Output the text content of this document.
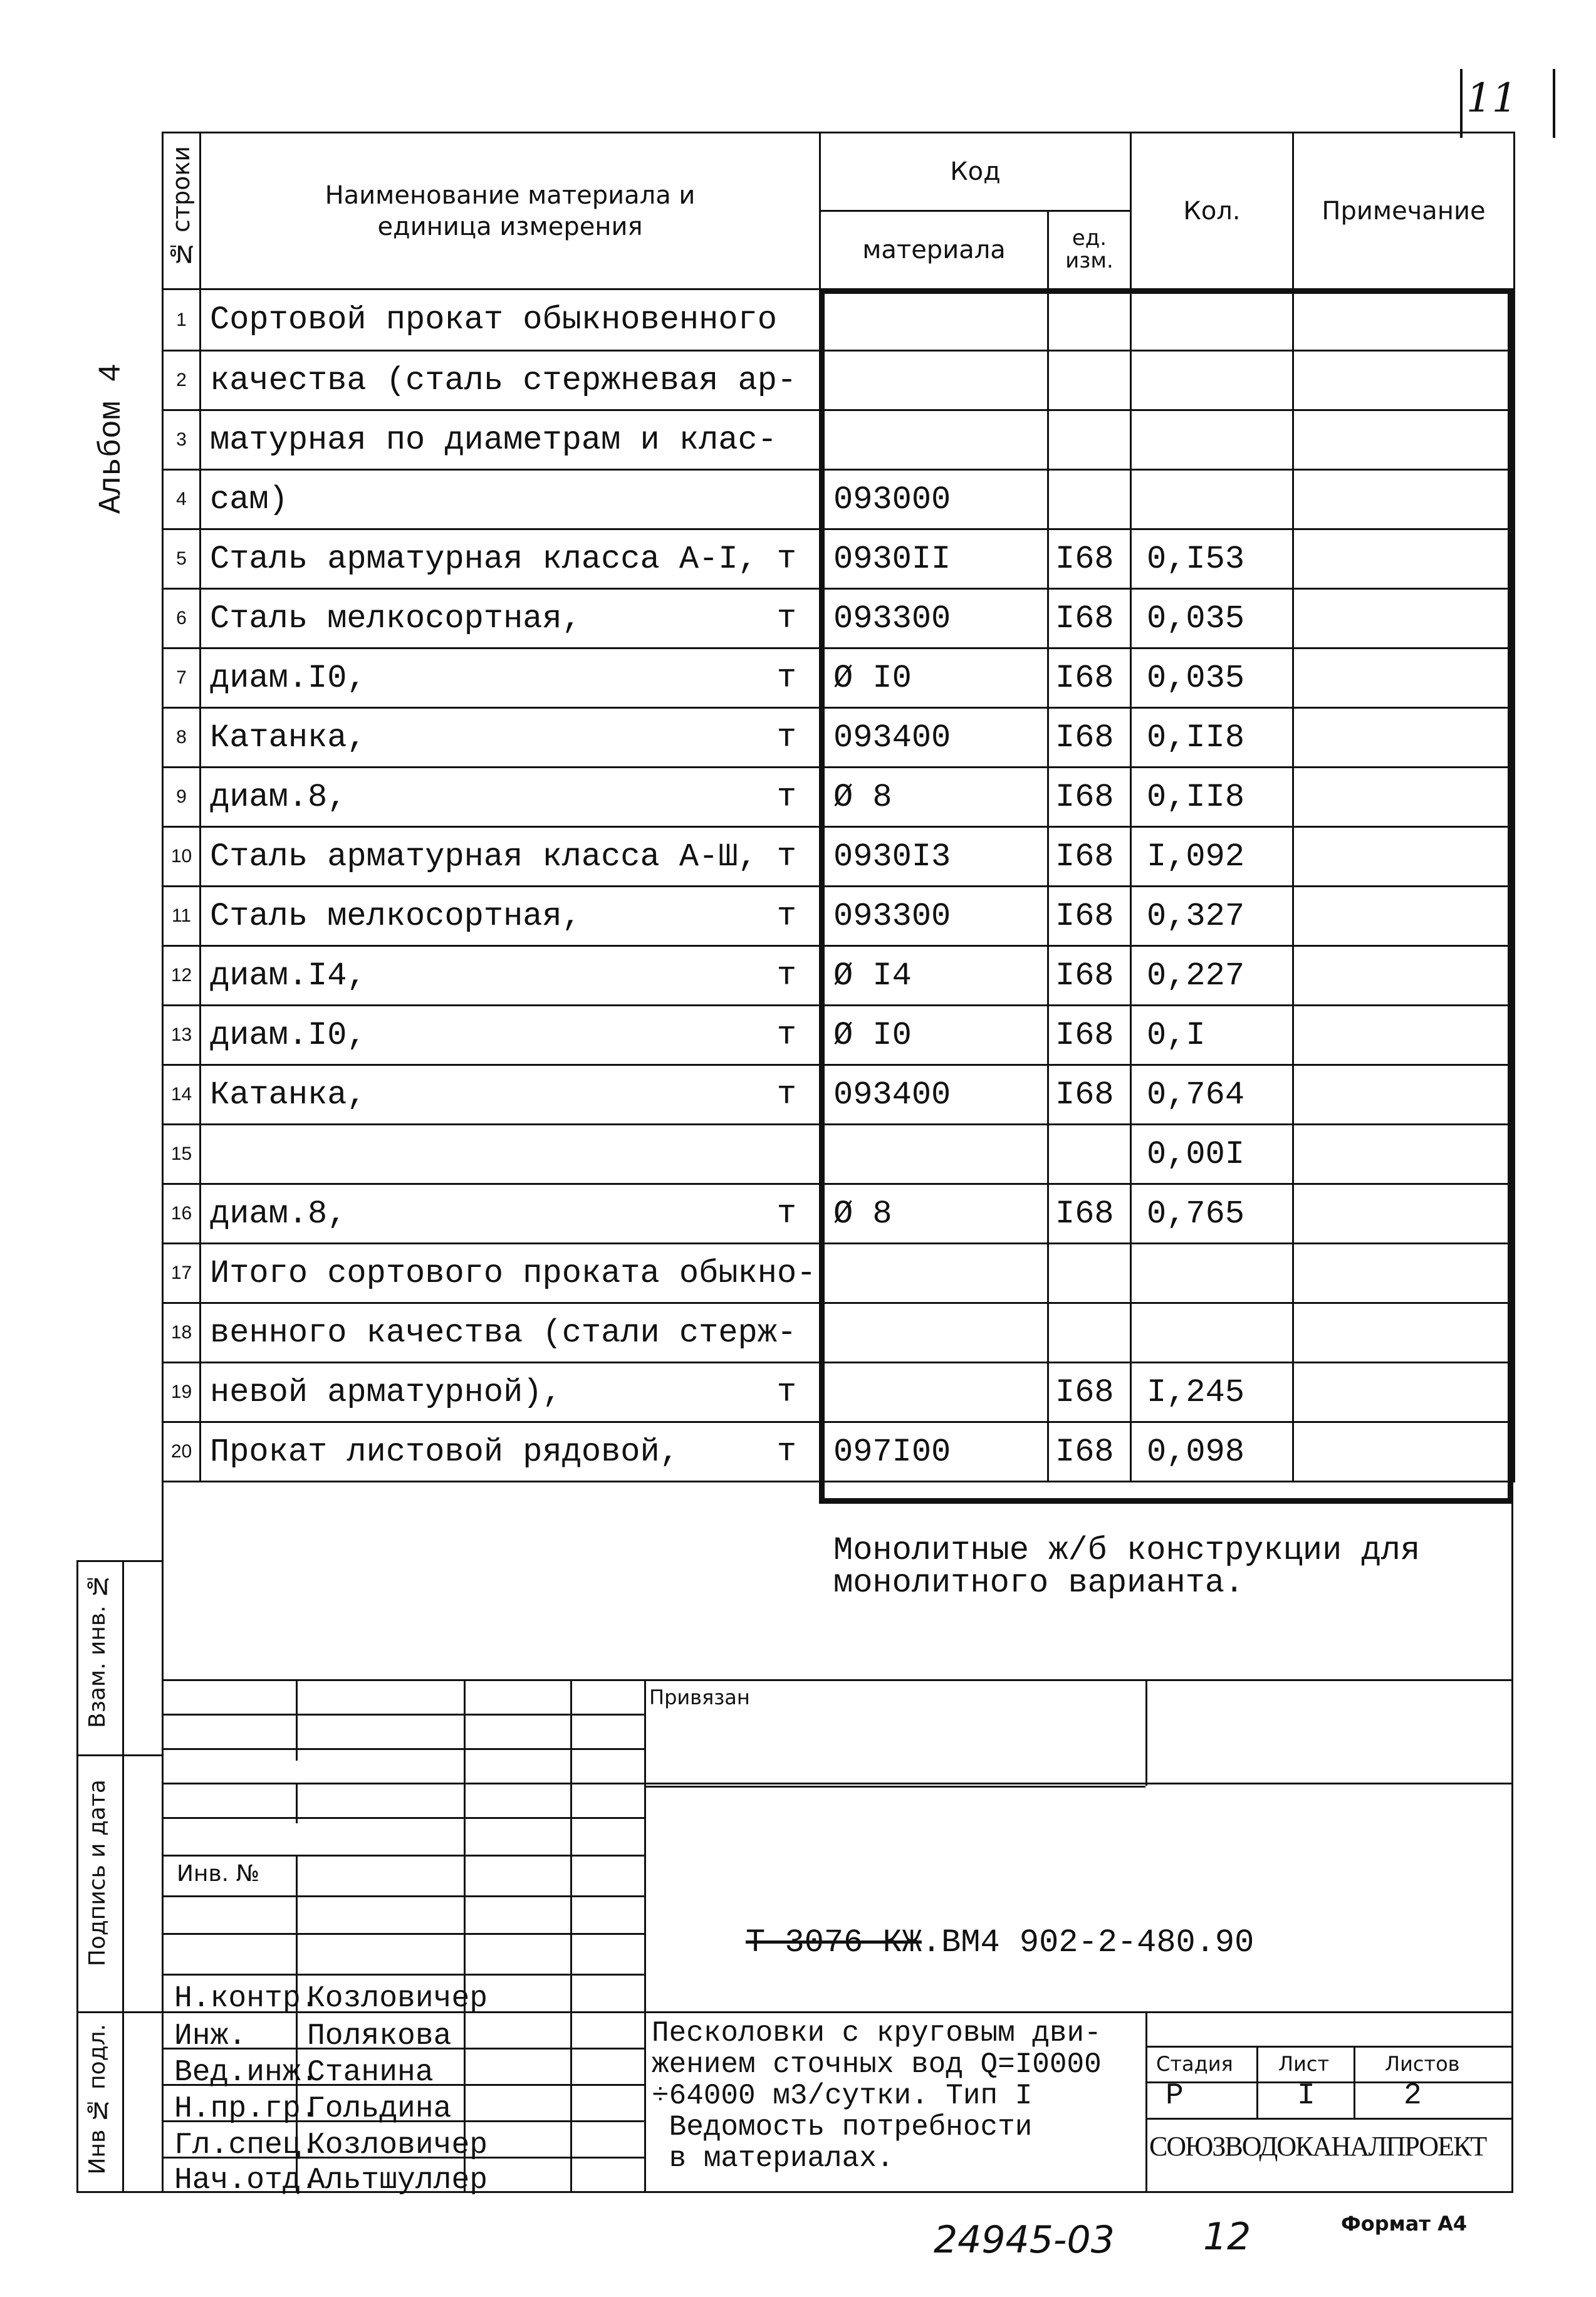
11
Альбом 4
№ строки	Наименование материала и единица измерения	Код		Кол.	Примечание
		материала	ед. изм.		
1	Сортовой прокат обыкновенного

2	качества (сталь стержневая ар-

3	матурная по диаметрам и клас-

4	сам)	093000			
5	Сталь арматурная класса А-I, т	0930II	I68	0,I53	
6	Сталь мелкосортная, т	093300	I68	0,035	
7	диам.I0, т	Ø I0	I68	0,035	
8	Катанка, т	093400	I68	0,II8	
9	диам.8, т	Ø 8	I68	0,II8	
10	Сталь арматурная класса А-Ш, т	0930I3	I68	I,092	
11	Сталь мелкосортная, т	093300	I68	0,327	
12	диам.I4, т	Ø I4	I68	0,227	
13	диам.I0, т	Ø I0	I68	0,I	
14	Катанка, т	093400	I68	0,764	
15				0,00I	
16	диам.8, т	Ø 8	I68	0,765	
17	Итого сортового проката обыкно-

18	венного качества (стали стерж-

19	невой арматурной), т		I68	I,245	
20	Прокат листовой рядовой, т	097I00	I68	0,098	
Монолитные ж/б конструкции для
монолитного варианта.
Взам. инв. №
Подпись и дата
Инв № подл.
Привязан
Инв. №
Т-3076-КЖ.ВМ4 902-2-480.90
Н.контр.
Козловичер
Инж. Полякова
Вед.инж.
Станина
Н.пр.гр.
Гольдина
Гл.спец.
Козловичер
Нач.отд.
Альтшуллер
Песколовки с круговым дви-
жением сточных вод Q=I0000
÷64000 м3/сутки. Тип I
Ведомость потребности
в материалах.
Стадия Лист	Листов
Р	I	2
СОЮЗВОДОКАНАЛПРОЕКТ
24945-03 12	Формат А4
